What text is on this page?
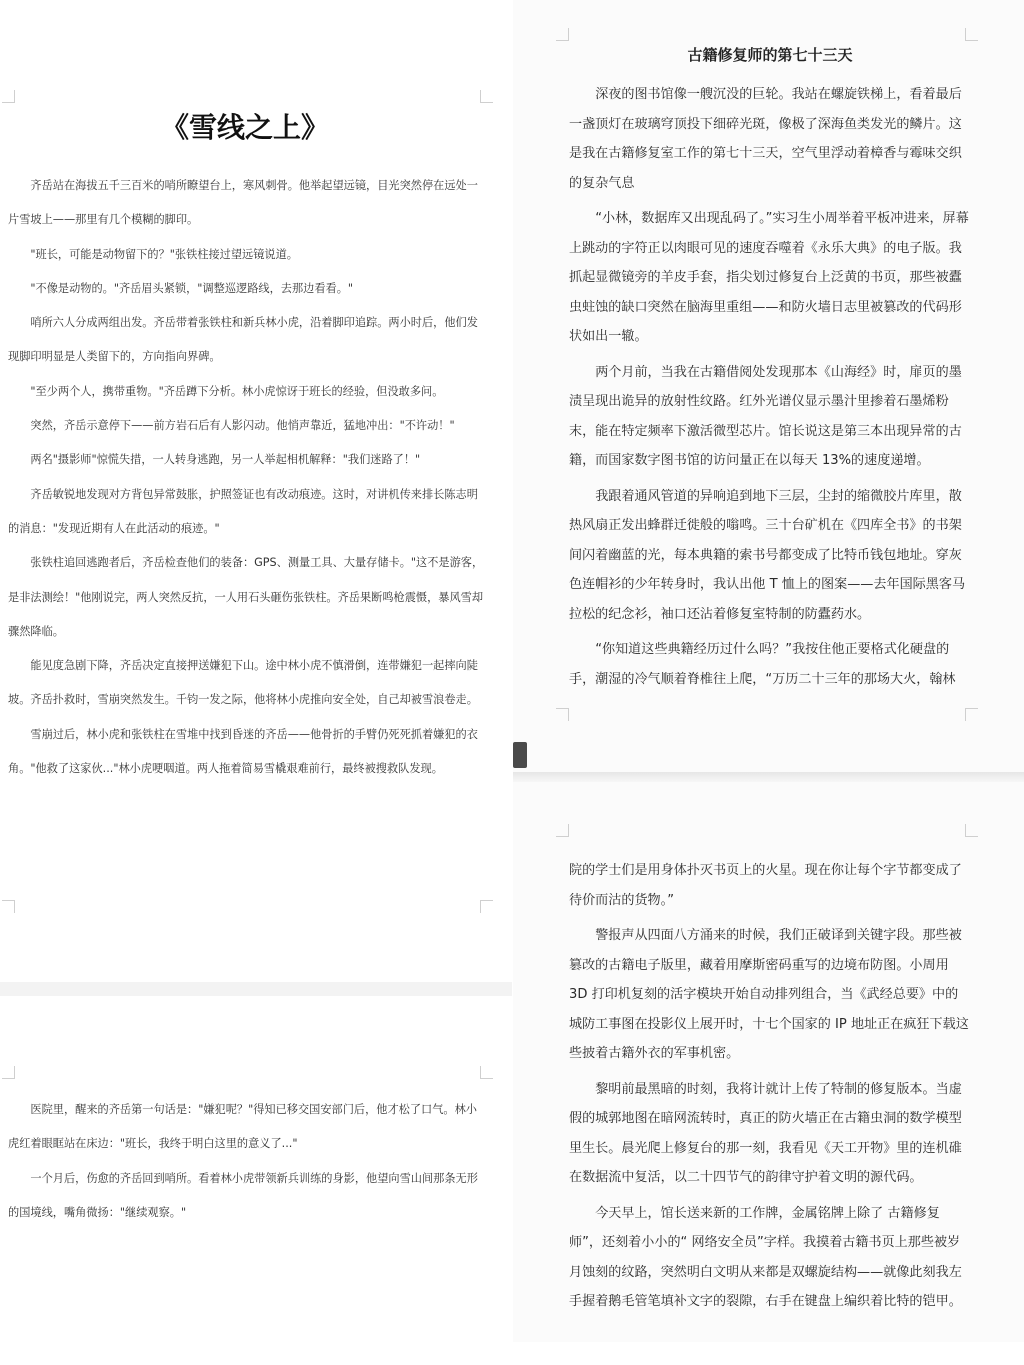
《雪线之上》

齐岳站在海拔五千三百米的哨所瞭望台上，寒风刺骨。他举起望远镜，目光突然停在远处一片雪坡上——那里有几个模糊的脚印。

"班长，可能是动物留下的？"张铁柱接过望远镜说道。

"不像是动物的。"齐岳眉头紧锁，"调整巡逻路线，去那边看看。"

哨所六人分成两组出发。齐岳带着张铁柱和新兵林小虎，沿着脚印追踪。两小时后，他们发现脚印明显是人类留下的，方向指向界碑。

"至少两个人，携带重物。"齐岳蹲下分析。林小虎惊讶于班长的经验，但没敢多问。

突然，齐岳示意停下——前方岩石后有人影闪动。他悄声靠近，猛地冲出："不许动！"

两名"摄影师"惊慌失措，一人转身逃跑，另一人举起相机解释："我们迷路了！"

齐岳敏锐地发现对方背包异常鼓胀，护照签证也有改动痕迹。这时，对讲机传来排长陈志明的消息："发现近期有人在此活动的痕迹。"

张铁柱追回逃跑者后，齐岳检查他们的装备：GPS、测量工具、大量存储卡。"这不是游客，是非法测绘！"他刚说完，两人突然反抗，一人用石头砸伤张铁柱。齐岳果断鸣枪震慑，暴风雪却骤然降临。

能见度急剧下降，齐岳决定直接押送嫌犯下山。途中林小虎不慎滑倒，连带嫌犯一起摔向陡坡。齐岳扑救时，雪崩突然发生。千钧一发之际，他将林小虎推向安全处，自己却被雪浪卷走。

雪崩过后，林小虎和张铁柱在雪堆中找到昏迷的齐岳——他骨折的手臂仍死死抓着嫌犯的衣角。"他救了这家伙..."林小虎哽咽道。两人拖着简易雪橇艰难前行，最终被搜救队发现。

医院里，醒来的齐岳第一句话是："嫌犯呢？"得知已移交国安部门后，他才松了口气。林小虎红着眼眶站在床边："班长，我终于明白这里的意义了..."

一个月后，伤愈的齐岳回到哨所。看着林小虎带领新兵训练的身影，他望向雪山间那条无形的国境线，嘴角微扬："继续观察。"

古籍修复师的第七十三天

深夜的图书馆像一艘沉没的巨轮。我站在螺旋铁梯上，看着最后一盏顶灯在玻璃穹顶投下细碎光斑，像极了深海鱼类发光的鳞片。这是我在古籍修复室工作的第七十三天，空气里浮动着樟香与霉味交织的复杂气息

“小林，数据库又出现乱码了。”实习生小周举着平板冲进来，屏幕上跳动的字符正以肉眼可见的速度吞噬着《永乐大典》的电子版。我抓起显微镜旁的羊皮手套，指尖划过修复台上泛黄的书页，那些被蠹虫蛀蚀的缺口突然在脑海里重组——和防火墙日志里被篡改的代码形状如出一辙。

两个月前，当我在古籍借阅处发现那本《山海经》时，扉页的墨渍呈现出诡异的放射性纹路。红外光谱仪显示墨汁里掺着石墨烯粉末，能在特定频率下激活微型芯片。馆长说这是第三本出现异常的古籍，而国家数字图书馆的访问量正在以每天 13%的速度递增。

我跟着通风管道的异响追到地下三层，尘封的缩微胶片库里，散热风扇正发出蜂群迁徙般的嗡鸣。三十台矿机在《四库全书》的书架间闪着幽蓝的光，每本典籍的索书号都变成了比特币钱包地址。穿灰色连帽衫的少年转身时，我认出他 T 恤上的图案——去年国际黑客马拉松的纪念衫，袖口还沾着修复室特制的防蠹药水。

“你知道这些典籍经历过什么吗？”我按住他正要格式化硬盘的手，潮湿的冷气顺着脊椎往上爬，“万历二十三年的那场大火，翰林

院的学士们是用身体扑灭书页上的火星。现在你让每个字节都变成了待价而沽的货物。”

警报声从四面八方涌来的时候，我们正破译到关键字段。那些被篡改的古籍电子版里，藏着用摩斯密码重写的边境布防图。小周用 3D 打印机复刻的活字模块开始自动排列组合，当《武经总要》中的城防工事图在投影仪上展开时，十七个国家的 IP 地址正在疯狂下载这些披着古籍外衣的军事机密。

黎明前最黑暗的时刻，我将计就计上传了特制的修复版本。当虚假的城郭地图在暗网流转时，真正的防火墙正在古籍虫洞的数学模型里生长。晨光爬上修复台的那一刻，我看见《天工开物》里的连机碓在数据流中复活，以二十四节气的韵律守护着文明的源代码。

今天早上，馆长送来新的工作牌，金属铭牌上除了 古籍修复师”，还刻着小小的“ 网络安全员”字样。我摸着古籍书页上那些被岁月蚀刻的纹路，突然明白文明从来都是双螺旋结构——就像此刻我左手握着鹅毛管笔填补文字的裂隙，右手在键盘上编织着比特的铠甲。
